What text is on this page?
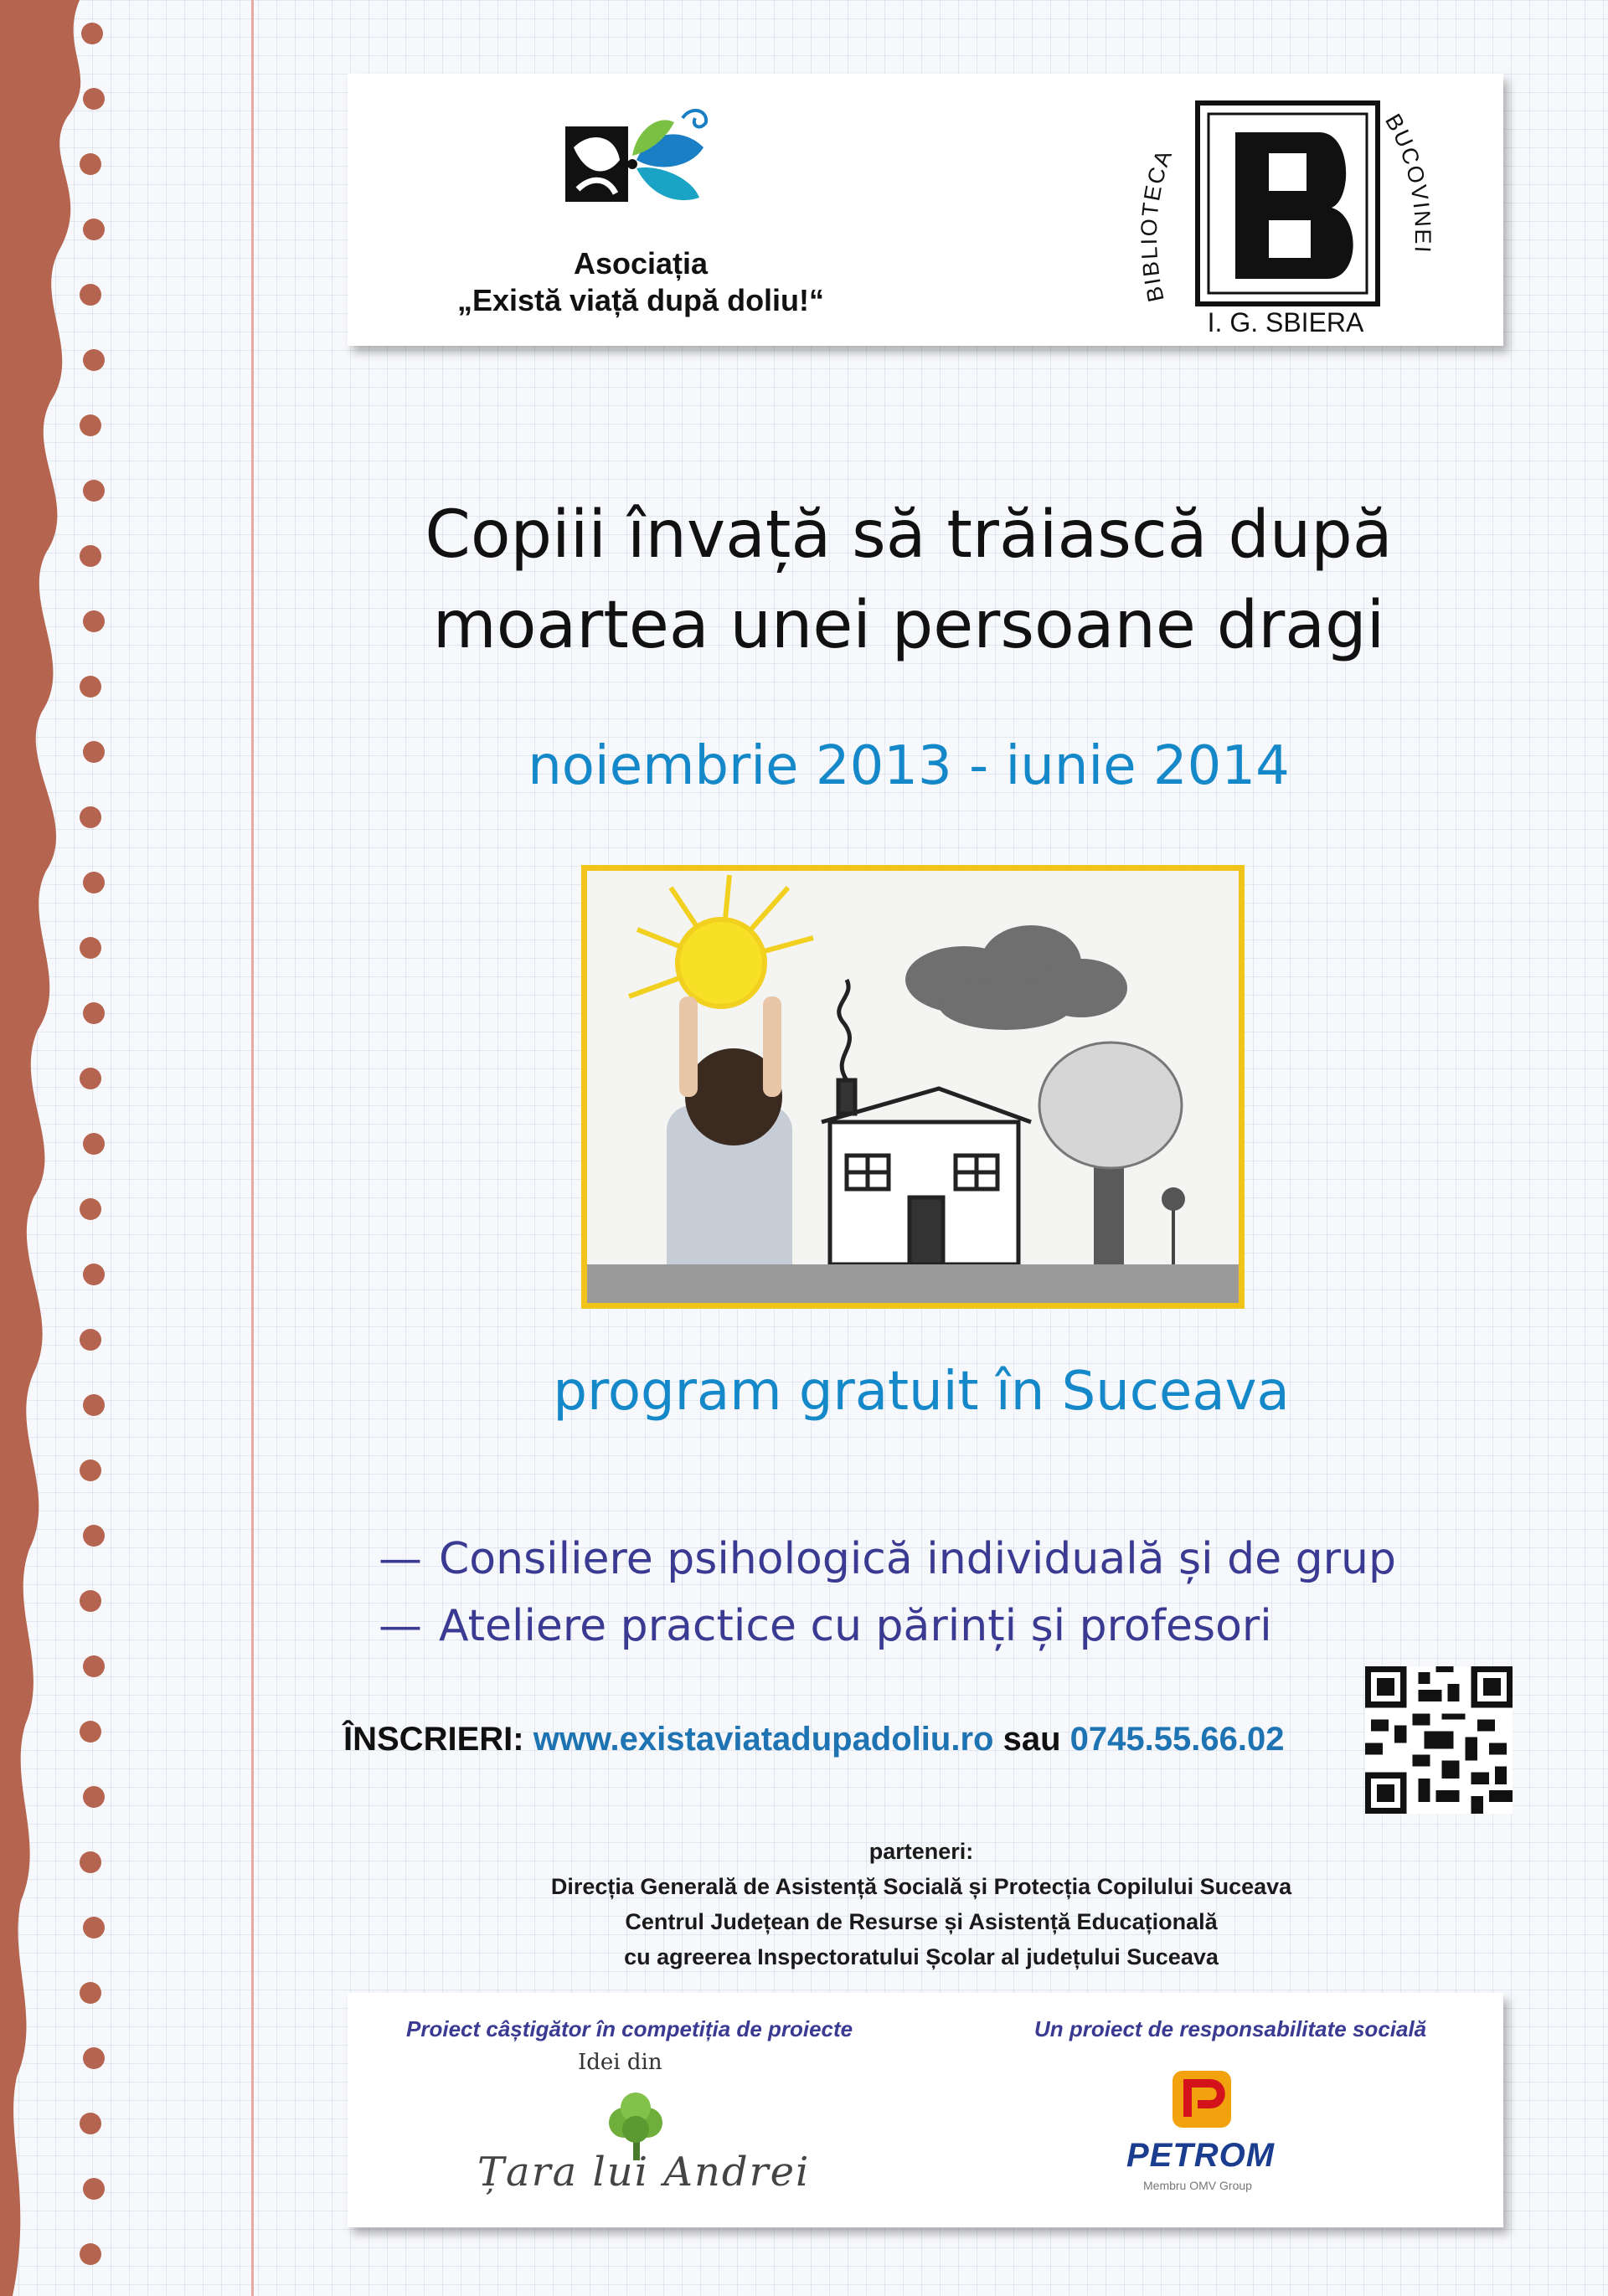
Asociația
„Există viață după doliu!“	BIBLIOTECA
BUCOVINEI
I. G. SBIERA
Copiii învață să trăiască după
moartea unei persoane dragi

noiembrie 2013 - iunie 2014

program gratuit în Suceava

— Consiliere psihologică individuală și de grup
— Ateliere practice cu părinți și profesori
ÎNSCRIERI: www.existaviatadupadoliu.ro sau 0745.55.66.02
parteneri:
Direcția Generală de Asistență Socială și Protecția Copilului Suceava
Centrul Județean de Resurse și Asistență Educațională
cu agreerea Inspectoratului Școlar al județului Suceava
Proiect câștigător în competiția de proiecte
Idei din
Țara lui Andrei
Un proiect de responsabilitate socială
PETROM
Membru OMV Group
